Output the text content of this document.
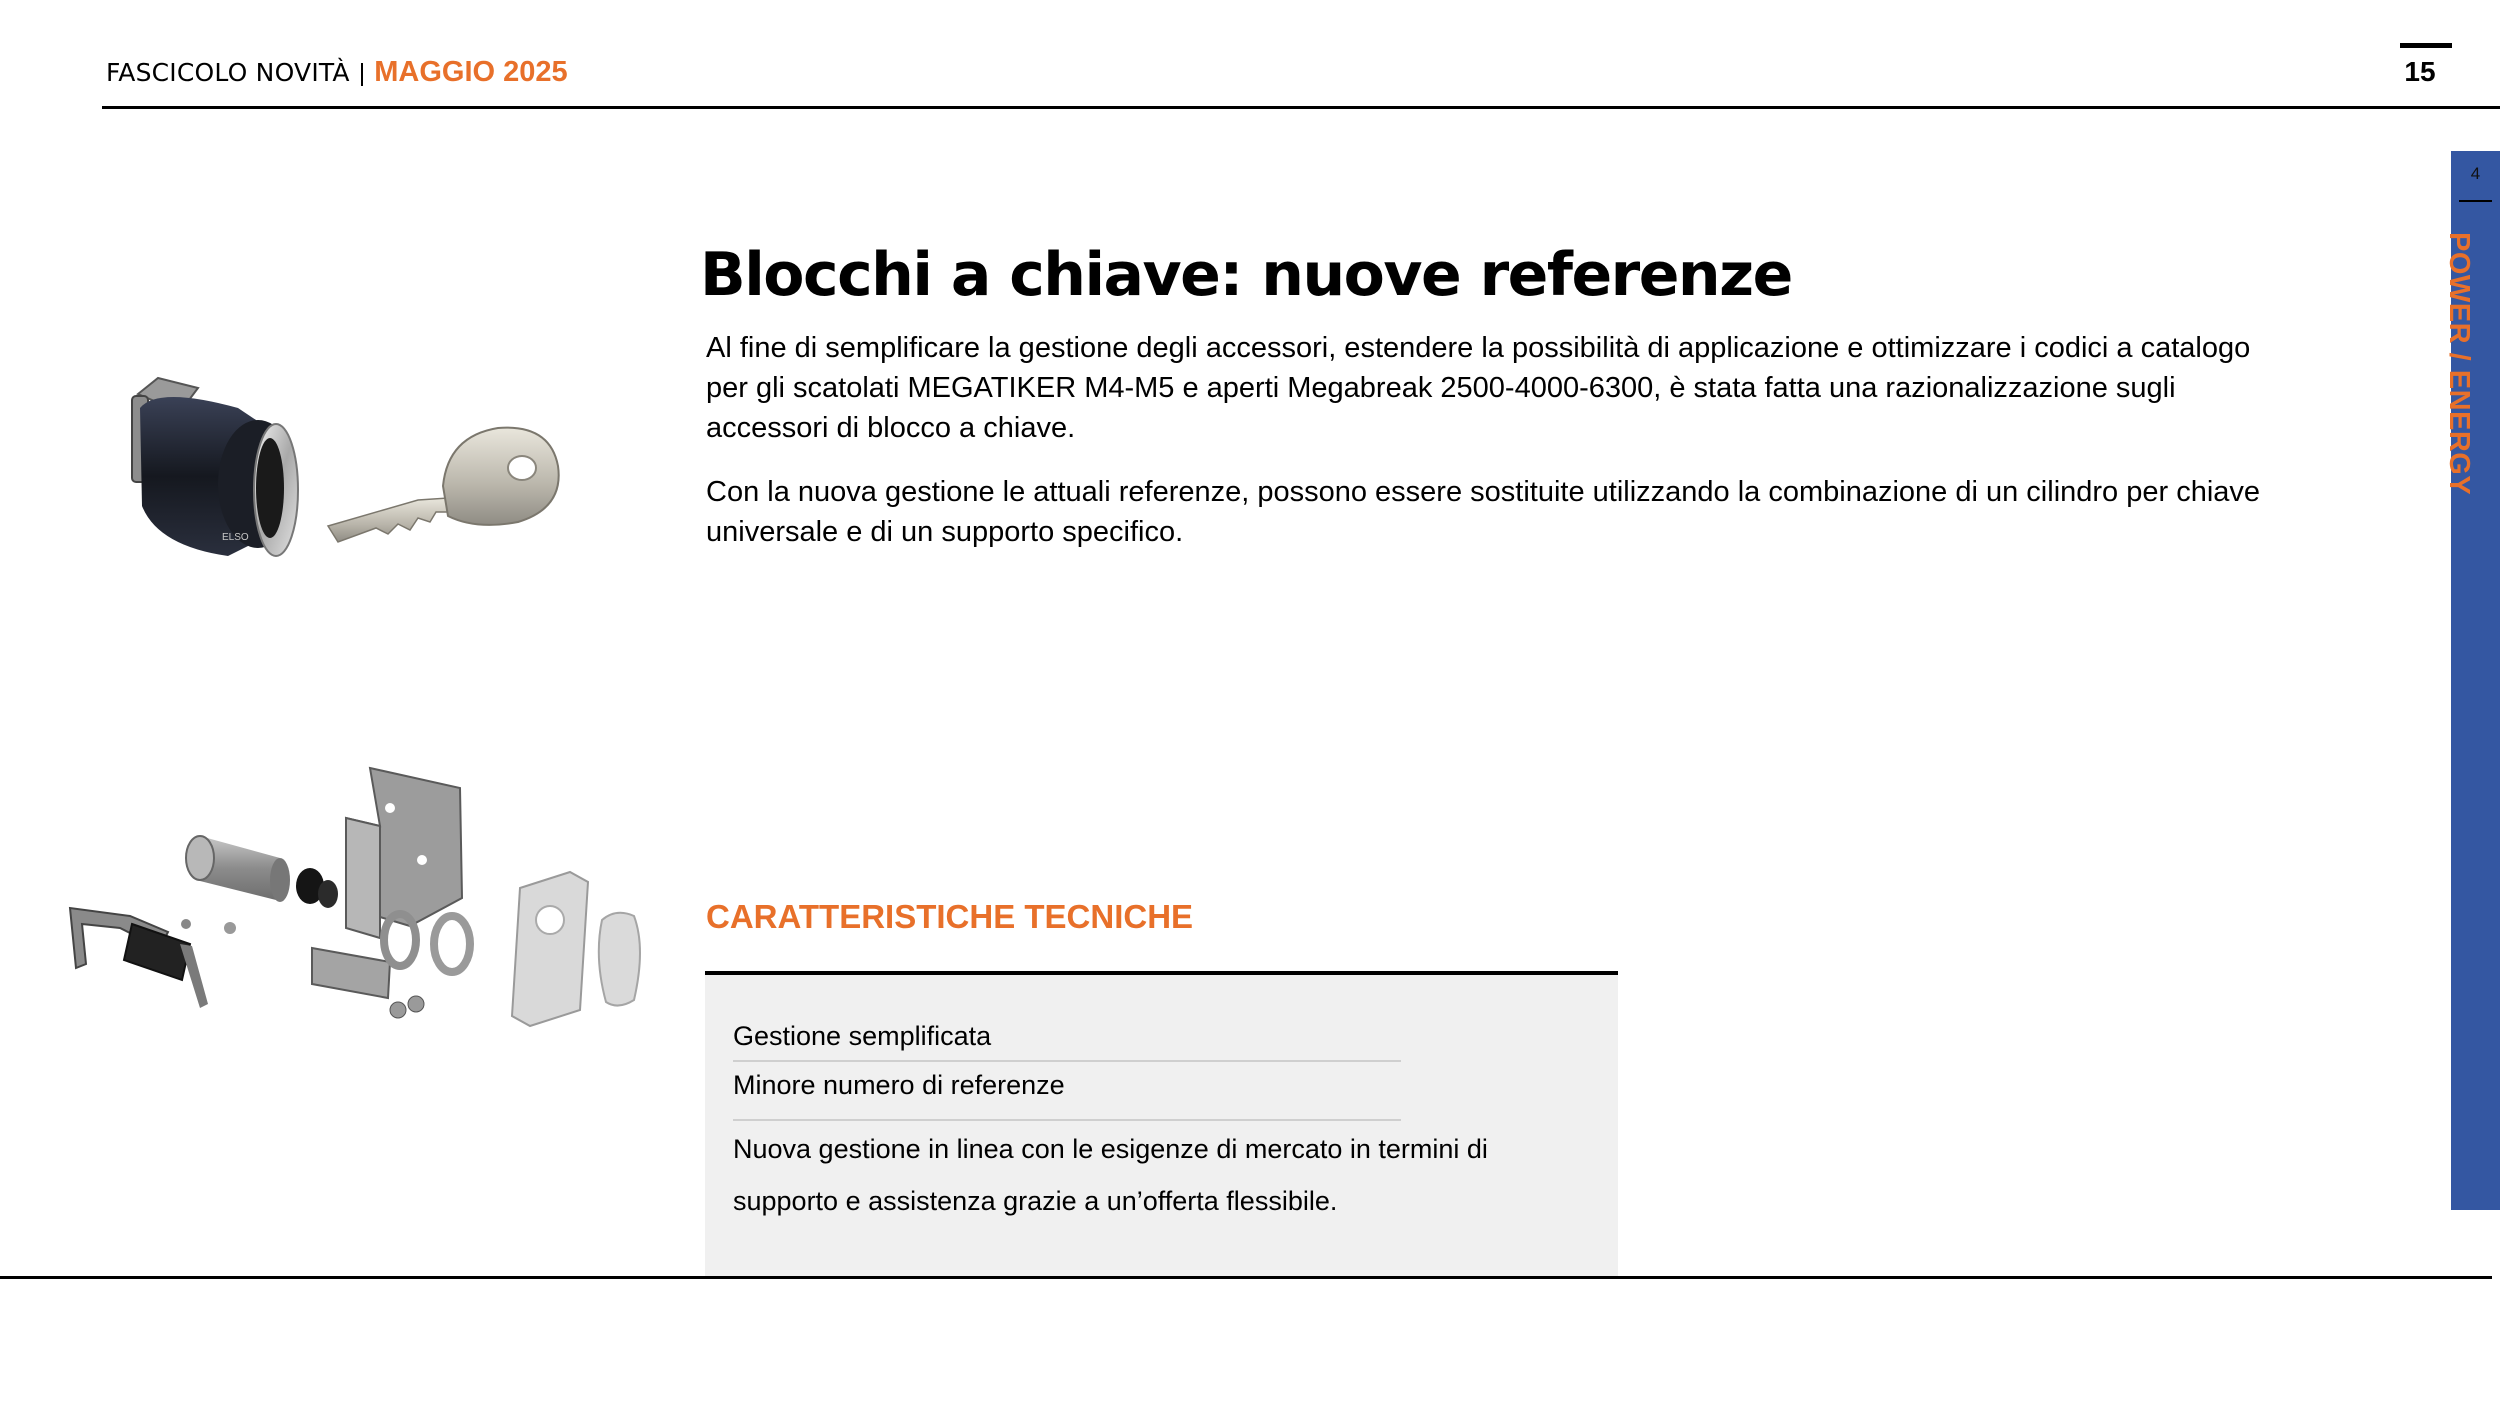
FASCICOLO NOVITÀ | MAGGIO 2025	15
4
POWER / ENERGY
Blocchi a chiave: nuove referenze
Al fine di semplificare la gestione degli accessori, estendere la possibilità di applicazione e ottimizzare i codici a catalogo per gli scatolati MEGATIKER M4-M5 e aperti Megabreak 2500-4000-6300, è stata fatta una razionalizzazione sugli accessori di blocco a chiave.
Con la nuova gestione le attuali referenze, possono essere sostituite utilizzando la combinazione di un cilindro per chiave universale e di un supporto specifico.
ELSO
CARATTERISTICHE TECNICHE
Gestione semplificata
Minore numero di referenze
Nuova gestione in linea con le esigenze di mercato in termini di supporto e assistenza grazie a un’offerta flessibile.
